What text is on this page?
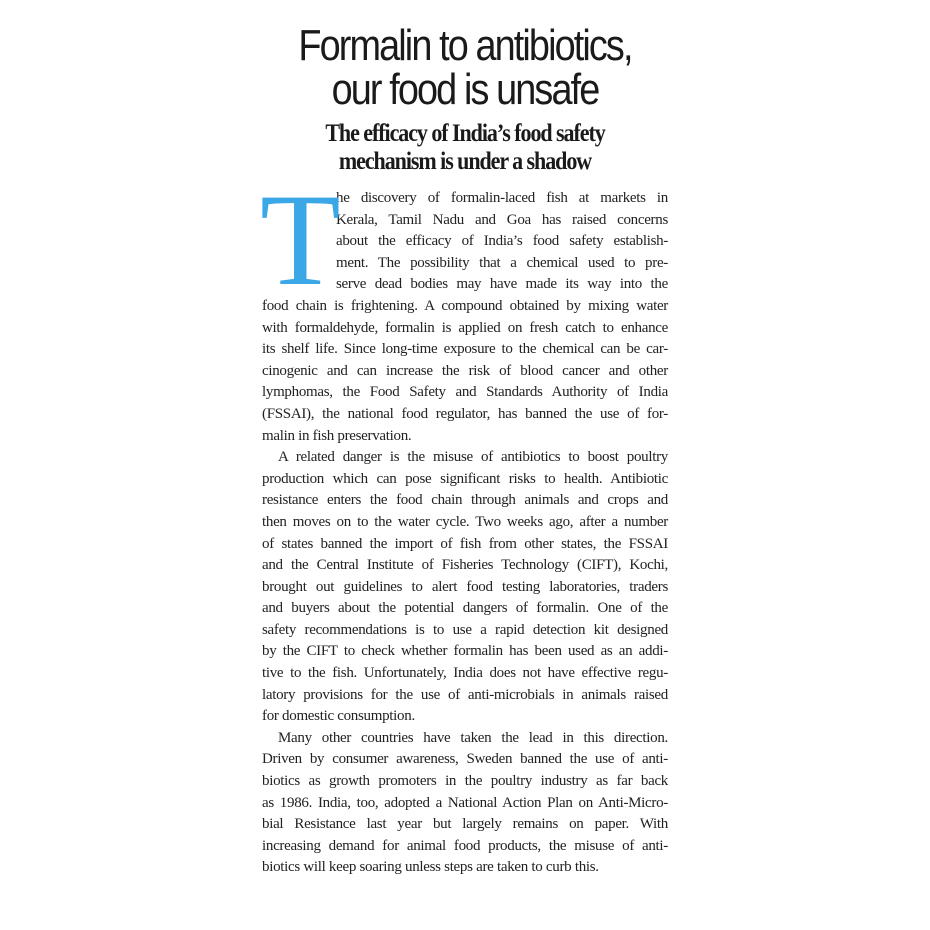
Formalin to antibiotics,
our food is unsafe
The efficacy of India’s food safety
mechanism is under a shadow
T
he discovery of formalin-laced fish at markets in
Kerala, Tamil Nadu and Goa has raised concerns
about the efficacy of India’s food safety establish-
ment. The possibility that a chemical used to pre-
serve dead bodies may have made its way into the
food chain is frightening. A compound obtained by mixing water
with formaldehyde, formalin is applied on fresh catch to enhance
its shelf life. Since long-time exposure to the chemical can be car-
cinogenic and can increase the risk of blood cancer and other
lymphomas, the Food Safety and Standards Authority of India
(FSSAI), the national food regulator, has banned the use of for-
malin in fish preservation.
A related danger is the misuse of antibiotics to boost poultry
production which can pose significant risks to health. Antibiotic
resistance enters the food chain through animals and crops and
then moves on to the water cycle. Two weeks ago, after a number
of states banned the import of fish from other states, the FSSAI
and the Central Institute of Fisheries Technology (CIFT), Kochi,
brought out guidelines to alert food testing laboratories, traders
and buyers about the potential dangers of formalin. One of the
safety recommendations is to use a rapid detection kit designed
by the CIFT to check whether formalin has been used as an addi-
tive to the fish. Unfortunately, India does not have effective regu-
latory provisions for the use of anti-microbials in animals raised
for domestic consumption.
Many other countries have taken the lead in this direction.
Driven by consumer awareness, Sweden banned the use of anti-
biotics as growth promoters in the poultry industry as far back
as 1986. India, too, adopted a National Action Plan on Anti-Micro-
bial Resistance last year but largely remains on paper. With
increasing demand for animal food products, the misuse of anti-
biotics will keep soaring unless steps are taken to curb this.
